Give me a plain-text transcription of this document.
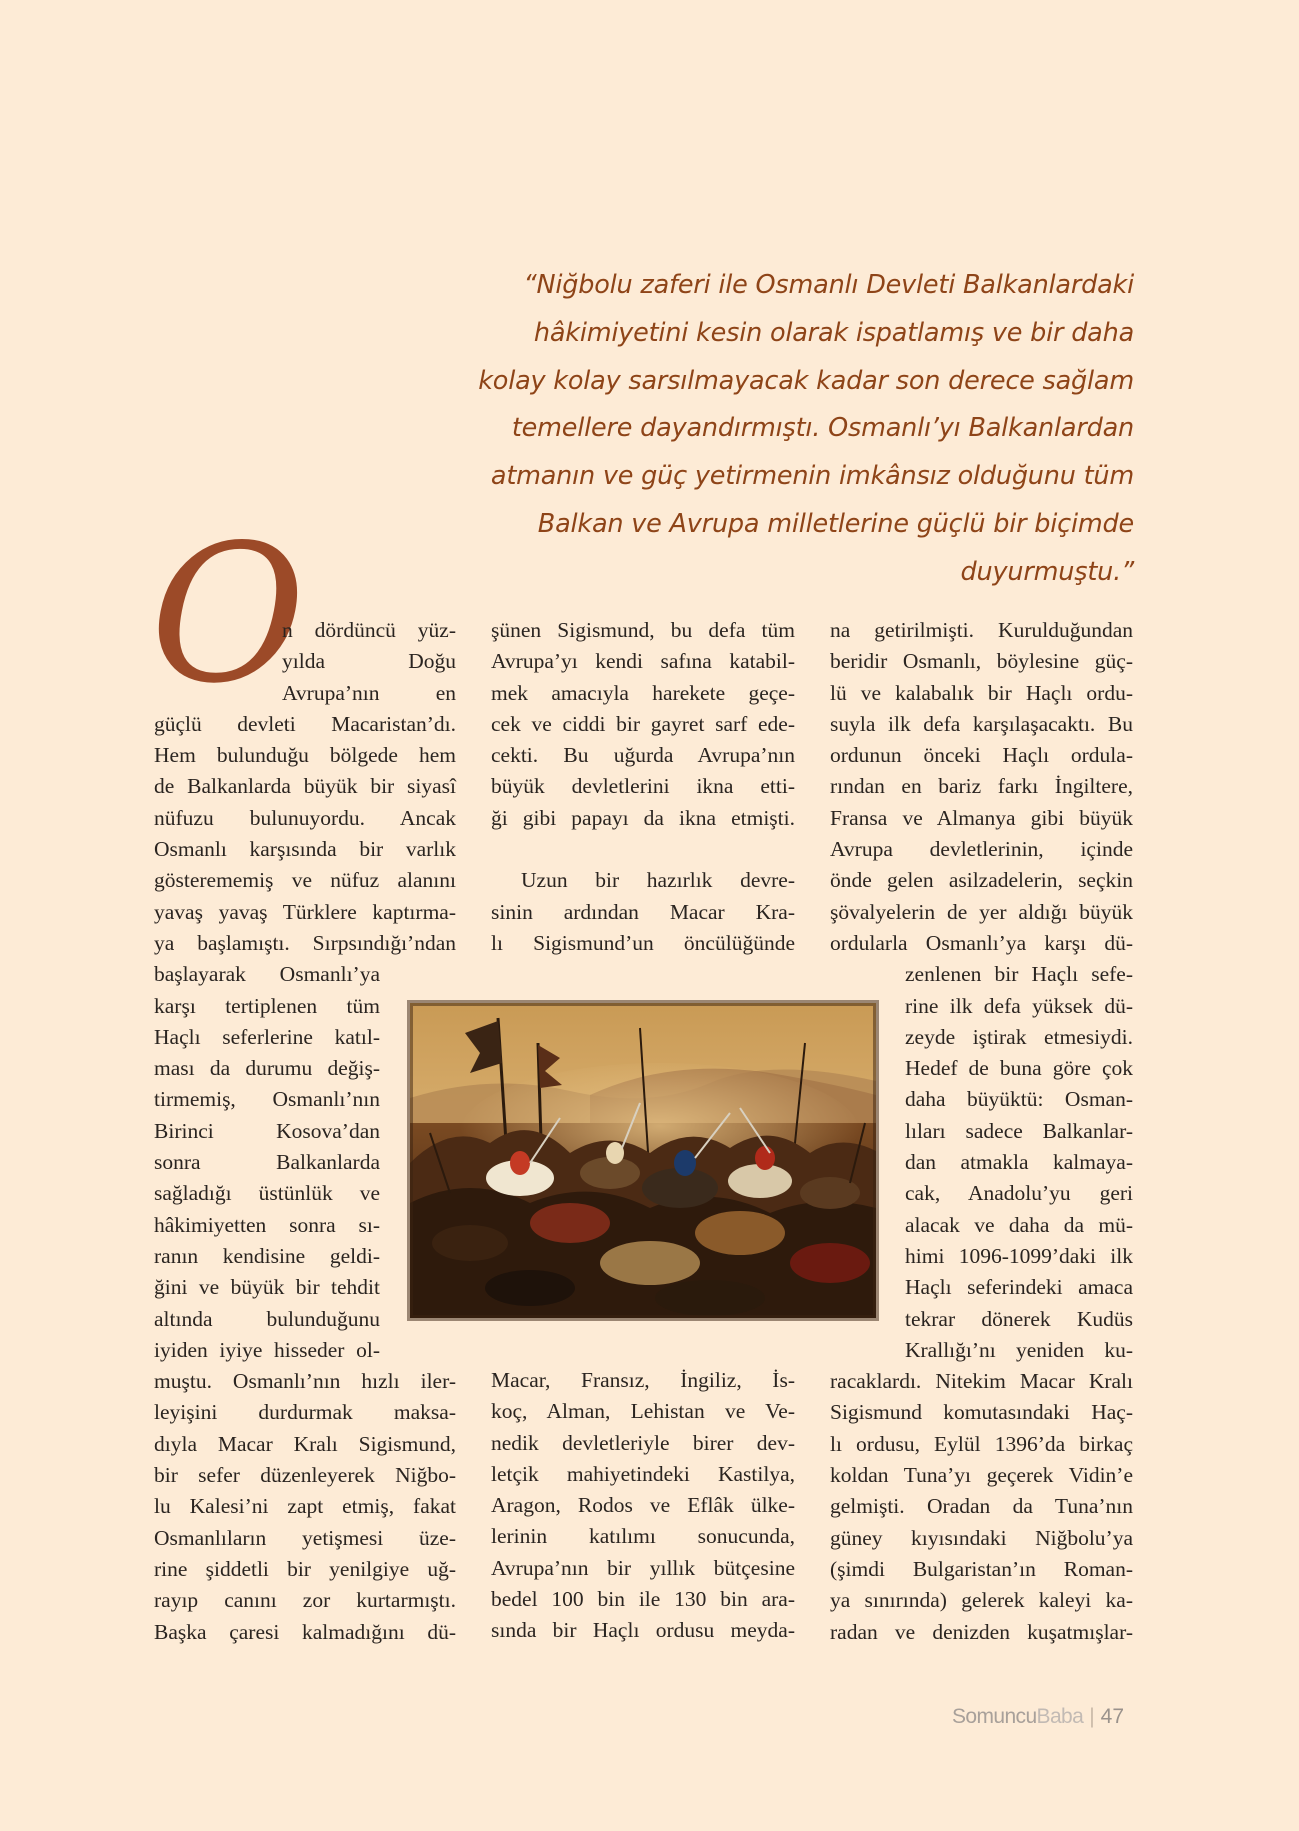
“Niğbolu zaferi ile Osmanlı Devleti Balkanlardaki
hâkimiyetini kesin olarak ispatlamış ve bir daha
kolay kolay sarsılmayacak kadar son derece sağlam
temellere dayandırmıştı. Osmanlı’yı Balkanlardan
atmanın ve güç yetirmenin imkânsız olduğunu tüm
Balkan ve Avrupa milletlerine güçlü bir biçimde
duyurmuştu.”
O
n dördüncü yüz-
yılda Doğu
Avrupa’nın en
güçlü devleti Macaristan’dı.
Hem bulunduğu bölgede hem
de Balkanlarda büyük bir siyasî
nüfuzu bulunuyordu. Ancak
Osmanlı karşısında bir varlık
gösterememiş ve nüfuz alanını
yavaş yavaş Türklere kaptırma-
ya başlamıştı. Sırpsındığı’ndan
başlayarak Osmanlı’ya
karşı tertiplenen tüm
Haçlı seferlerine katıl-
ması da durumu değiş-
tirmemiş, Osmanlı’nın
Birinci Kosova’dan
sonra Balkanlarda
sağladığı üstünlük ve
hâkimiyetten sonra sı-
ranın kendisine geldi-
ğini ve büyük bir tehdit
altında bulunduğunu
iyiden iyiye hisseder ol-
muştu. Osmanlı’nın hızlı iler-
leyişini durdurmak maksa-
dıyla Macar Kralı Sigismund,
bir sefer düzenleyerek Niğbo-
lu Kalesi’ni zapt etmiş, fakat
Osmanlıların yetişmesi üze-
rine şiddetli bir yenilgiye uğ-
rayıp canını zor kurtarmıştı.
Başka çaresi kalmadığını dü-
şünen Sigismund, bu defa tüm
Avrupa’yı kendi safına katabil-
mek amacıyla harekete geçe-
cek ve ciddi bir gayret sarf ede-
cekti. Bu uğurda Avrupa’nın
büyük devletlerini ikna etti-
ği gibi papayı da ikna etmişti.
Uzun bir hazırlık devre-
sinin ardından Macar Kra-
lı Sigismund’un öncülüğünde
Macar, Fransız, İngiliz, İs-
koç, Alman, Lehistan ve Ve-
nedik devletleriyle birer dev-
letçik mahiyetindeki Kastilya,
Aragon, Rodos ve Eflâk ülke-
lerinin katılımı sonucunda,
Avrupa’nın bir yıllık bütçesine
bedel 100 bin ile 130 bin ara-
sında bir Haçlı ordusu meyda-
na getirilmişti. Kurulduğundan
beridir Osmanlı, böylesine güç-
lü ve kalabalık bir Haçlı ordu-
suyla ilk defa karşılaşacaktı. Bu
ordunun önceki Haçlı ordula-
rından en bariz farkı İngiltere,
Fransa ve Almanya gibi büyük
Avrupa devletlerinin, içinde
önde gelen asilzadelerin, seçkin
şövalyelerin de yer aldığı büyük
ordularla Osmanlı’ya karşı dü-
zenlenen bir Haçlı sefe-
rine ilk defa yüksek dü-
zeyde iştirak etmesiydi.
Hedef de buna göre çok
daha büyüktü: Osman-
lıları sadece Balkanlar-
dan atmakla kalmaya-
cak, Anadolu’yu geri
alacak ve daha da mü-
himi 1096-1099’daki ilk
Haçlı seferindeki amaca
tekrar dönerek Kudüs
Krallığı’nı yeniden ku-
racaklardı. Nitekim Macar Kralı
Sigismund komutasındaki Haç-
lı ordusu, Eylül 1396’da birkaç
koldan Tuna’yı geçerek Vidin’e
gelmişti. Oradan da Tuna’nın
güney kıyısındaki Niğbolu’ya
(şimdi Bulgaristan’ın Roman-
ya sınırında) gelerek kaleyi ka-
radan ve denizden kuşatmışlar-
SomuncuBaba | 47
